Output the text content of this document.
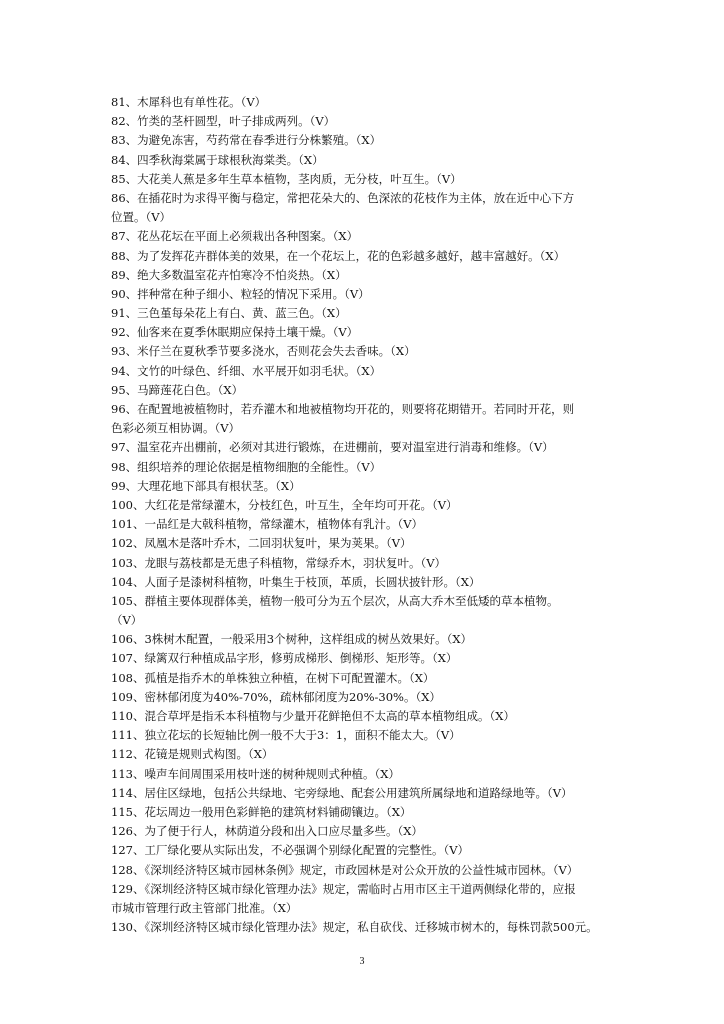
81、木犀科也有单性花。（V）
82、竹类的茎杆圆型，叶子排成两列。（V）
83、为避免冻害，芍药常在春季进行分株繁殖。（X）
84、四季秋海棠属于球根秋海棠类。（X）
85、大花美人蕉是多年生草本植物，茎肉质，无分枝，叶互生。（V）
86、在插花时为求得平衡与稳定，常把花朵大的、色深浓的花枝作为主体，放在近中心下方
位置。（V）
87、花丛花坛在平面上必须栽出各种图案。（X）
88、为了发挥花卉群体美的效果，在一个花坛上，花的色彩越多越好，越丰富越好。（X）
89、绝大多数温室花卉怕寒冷不怕炎热。（X）
90、拌种常在种子细小、粒轻的情况下采用。（V）
91、三色堇每朵花上有白、黄、蓝三色。（X）
92、仙客来在夏季休眠期应保持土壤干燥。（V）
93、米仔兰在夏秋季节要多浇水，否则花会失去香味。（X）
94、文竹的叶绿色、纤细、水平展开如羽毛状。（X）
95、马蹄莲花白色。（X）
96、在配置地被植物时，若乔灌木和地被植物均开花的，则要将花期错开。若同时开花，则
色彩必须互相协调。（V）
97、温室花卉出棚前，必须对其进行锻炼，在进棚前，要对温室进行消毒和维修。（V）
98、组织培养的理论依据是植物细胞的全能性。（V）
99、大理花地下部具有根状茎。（X）
100、大红花是常绿灌木，分枝红色，叶互生，全年均可开花。（V）
101、一品红是大戟科植物，常绿灌木，植物体有乳汁。（V）
102、凤凰木是落叶乔木，二回羽状复叶，果为荚果。（V）
103、龙眼与荔枝都是无患子科植物，常绿乔木，羽状复叶。（V）
104、人面子是漆树科植物，叶集生于枝顶，革质，长圆状披针形。（X）
105、群植主要体现群体美，植物一般可分为五个层次，从高大乔木至低矮的草本植物。
（V）
106、3株树木配置，一般采用3个树种，这样组成的树丛效果好。（X）
107、绿篱双行种植成品字形，修剪成梯形、倒梯形、矩形等。（X）
108、孤植是指乔木的单株独立种植，在树下可配置灌木。（X）
109、密林郁闭度为40%-70%，疏林郁闭度为20%-30%。（X）
110、混合草坪是指禾本科植物与少量开花鲜艳但不太高的草本植物组成。（X）
111、独立花坛的长短轴比例一般不大于3：1，面积不能太大。（V）
112、花镜是规则式构图。（X）
113、噪声车间周围采用枝叶迷的树种规则式种植。（X）
114、居住区绿地，包括公共绿地、宅旁绿地、配套公用建筑所属绿地和道路绿地等。（V）
115、花坛周边一般用色彩鲜艳的建筑材料铺砌镶边。（X）
126、为了便于行人，林荫道分段和出入口应尽量多些。（X）
127、工厂绿化要从实际出发，不必强调个别绿化配置的完整性。（V）
128、《深圳经济特区城市园林条例》规定，市政园林是对公众开放的公益性城市园林。（V）
129、《深圳经济特区城市绿化管理办法》规定，需临时占用市区主干道两侧绿化带的，应报
市城市管理行政主管部门批准。（X）
130、《深圳经济特区城市绿化管理办法》规定，私自砍伐、迁移城市树木的，每株罚款500元。
3
